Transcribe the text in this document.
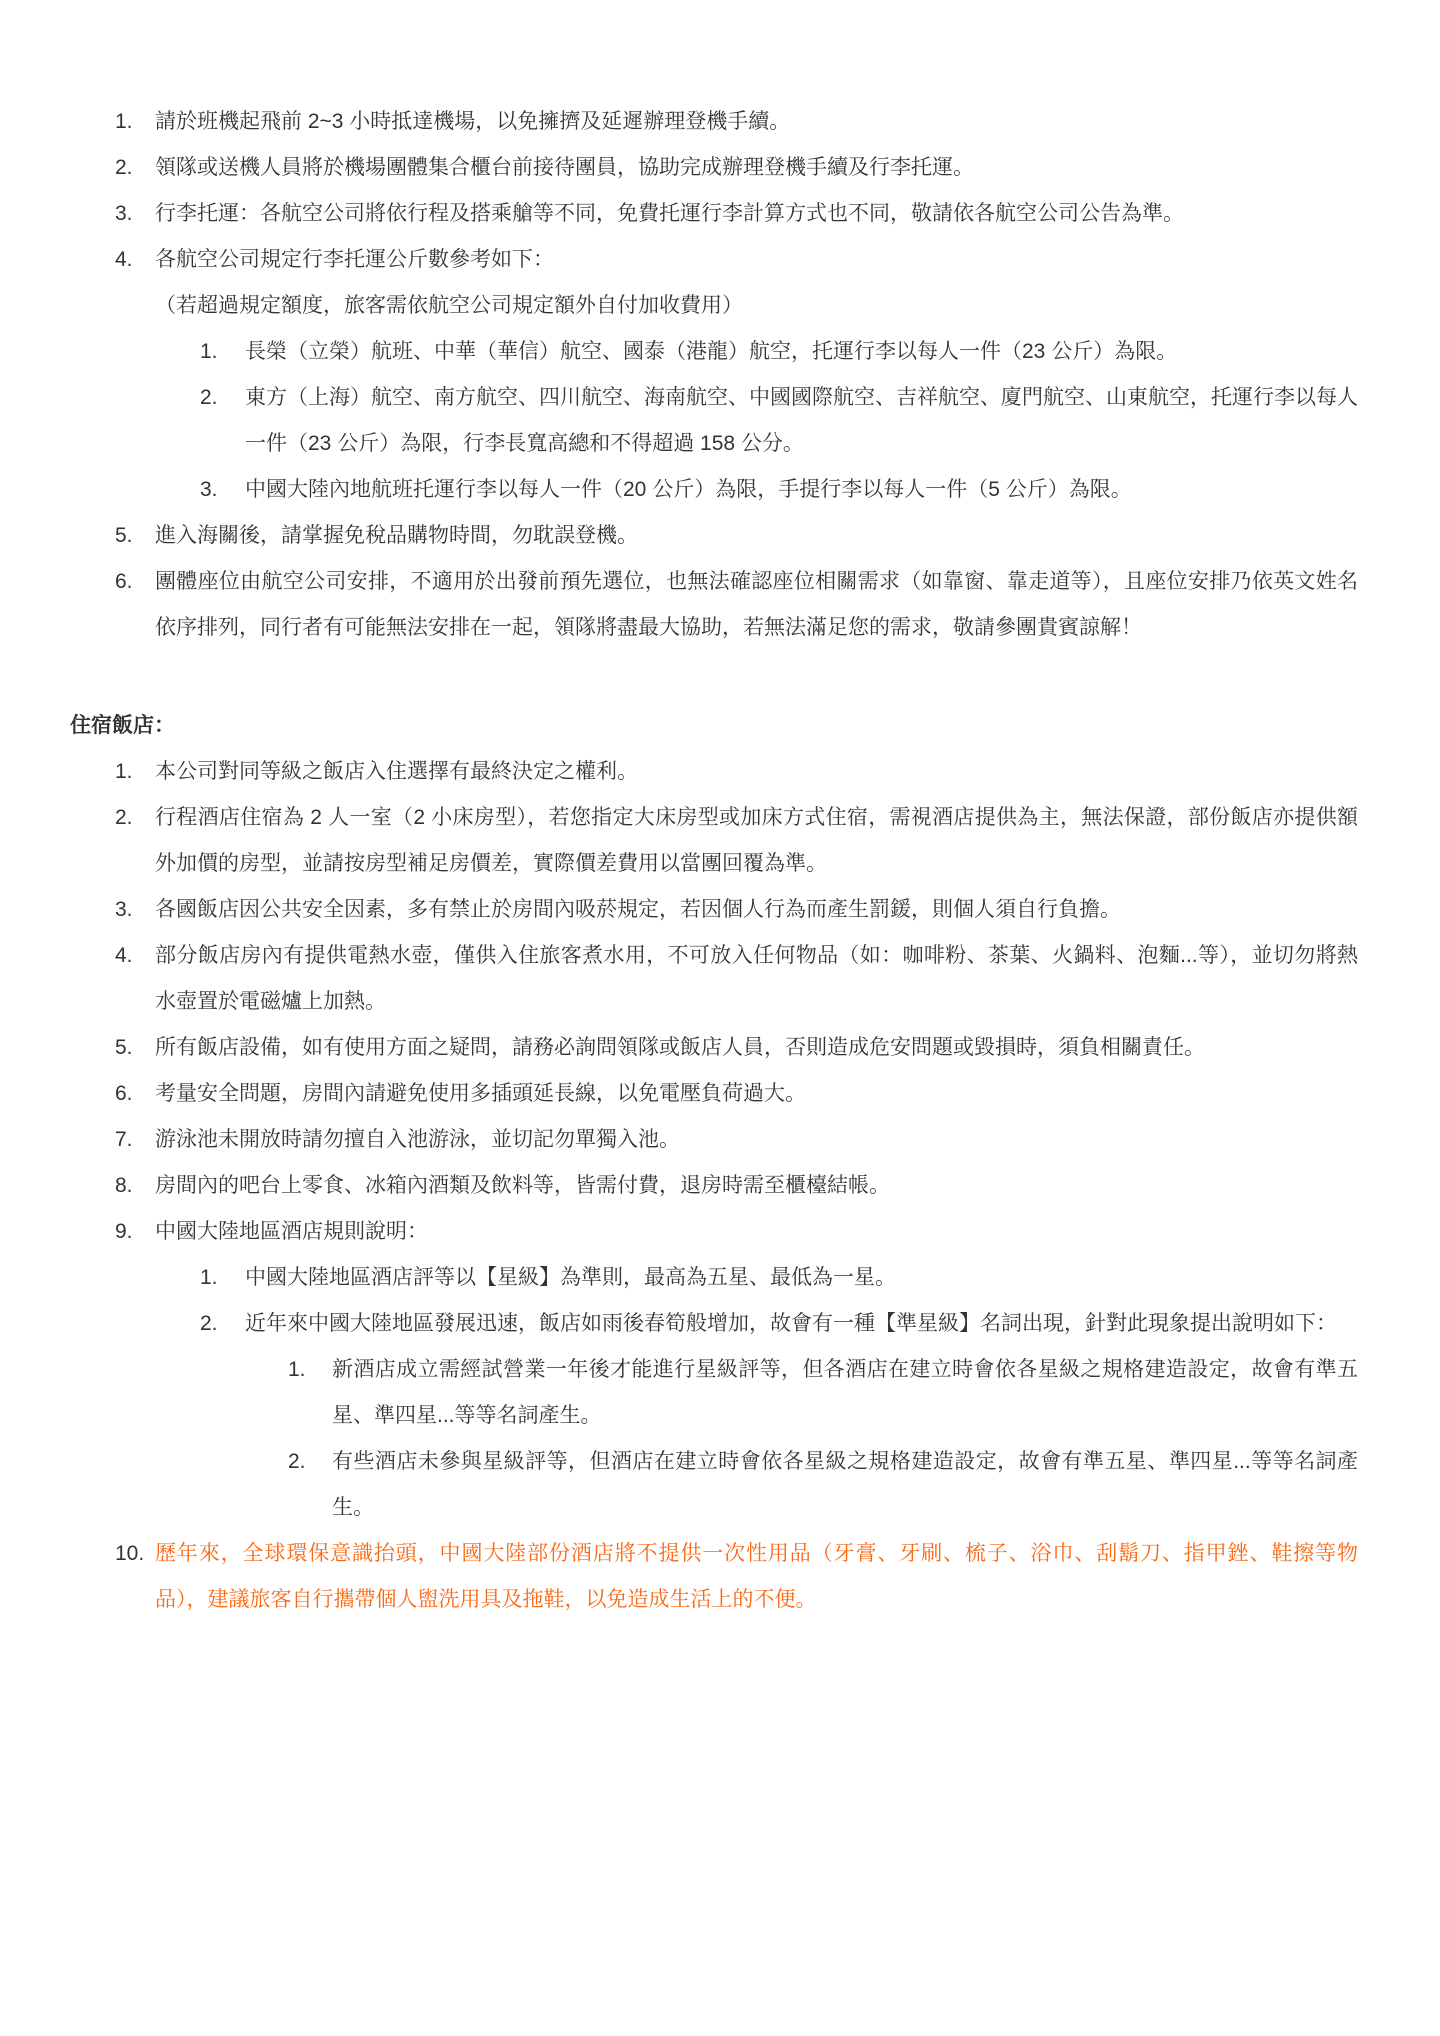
1.	請於班機起飛前 2~3 小時抵達機場，以免擁擠及延遲辦理登機手續。
2.	領隊或送機人員將於機場團體集合櫃台前接待團員，協助完成辦理登機手續及行李托運。
3.	行李托運：各航空公司將依行程及搭乘艙等不同，免費托運行李計算方式也不同，敬請依各航空公司公告為準。
4.	各航空公司規定行李托運公斤數參考如下：
（若超過規定額度，旅客需依航空公司規定額外自付加收費用）
1.	長榮（立榮）航班、中華（華信）航空、國泰（港龍）航空，托運行李以每人一件（23 公斤）為限。
2.	東方（上海）航空、南方航空、四川航空、海南航空、中國國際航空、吉祥航空、廈門航空、山東航空，托運行李以每人一件（23 公斤）為限，行李長寬高總和不得超過 158 公分。
3.	中國大陸內地航班托運行李以每人一件（20 公斤）為限，手提行李以每人一件（5 公斤）為限。
5.	進入海關後，請掌握免稅品購物時間，勿耽誤登機。
6.	團體座位由航空公司安排，不適用於出發前預先選位，也無法確認座位相關需求（如靠窗、靠走道等），且座位安排乃依英文姓名依序排列，同行者有可能無法安排在一起，領隊將盡最大協助，若無法滿足您的需求，敬請參團貴賓諒解！
住宿飯店：
1.	本公司對同等級之飯店入住選擇有最終決定之權利。
2.	行程酒店住宿為 2 人一室（2 小床房型），若您指定大床房型或加床方式住宿，需視酒店提供為主，無法保證，部份飯店亦提供額外加價的房型，並請按房型補足房價差，實際價差費用以當團回覆為準。
3.	各國飯店因公共安全因素，多有禁止於房間內吸菸規定，若因個人行為而產生罰鍰，則個人須自行負擔。
4.	部分飯店房內有提供電熱水壺，僅供入住旅客煮水用，不可放入任何物品（如：咖啡粉、茶葉、火鍋料、泡麵...等），並切勿將熱水壺置於電磁爐上加熱。
5.	所有飯店設備，如有使用方面之疑問，請務必詢問領隊或飯店人員，否則造成危安問題或毀損時，須負相關責任。
6.	考量安全問題，房間內請避免使用多插頭延長線，以免電壓負荷過大。
7.	游泳池未開放時請勿擅自入池游泳，並切記勿單獨入池。
8.	房間內的吧台上零食、冰箱內酒類及飲料等，皆需付費，退房時需至櫃檯結帳。
9.	中國大陸地區酒店規則說明：
1.	中國大陸地區酒店評等以【星級】為準則，最高為五星、最低為一星。
2.	近年來中國大陸地區發展迅速，飯店如雨後春筍般增加，故會有一種【準星級】名詞出現，針對此現象提出說明如下：
1.	新酒店成立需經試營業一年後才能進行星級評等，但各酒店在建立時會依各星級之規格建造設定，故會有準五星、準四星...等等名詞產生。
2.	有些酒店未參與星級評等，但酒店在建立時會依各星級之規格建造設定，故會有準五星、準四星...等等名詞產生。
10. 歷年來，全球環保意識抬頭，中國大陸部份酒店將不提供一次性用品（牙膏、牙刷、梳子、浴巾、刮鬍刀、指甲銼、鞋擦等物品），建議旅客自行攜帶個人盥洗用具及拖鞋，以免造成生活上的不便。
